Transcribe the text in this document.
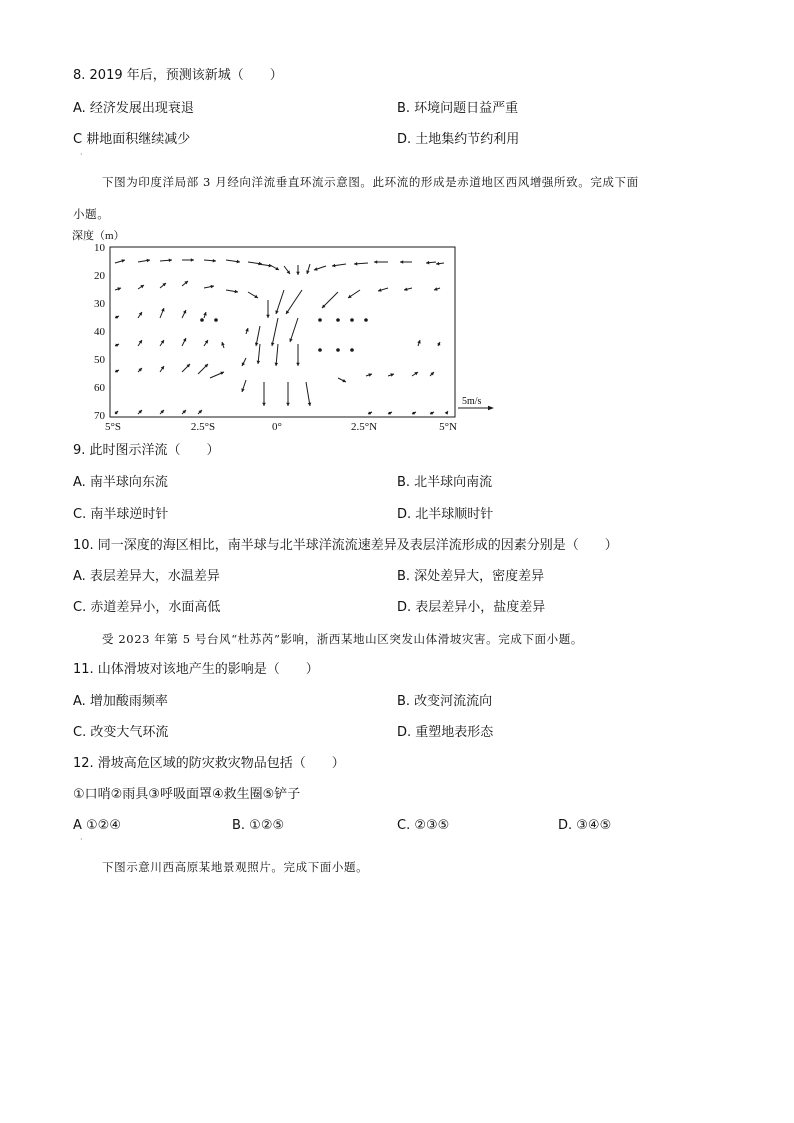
8. 2019 年后，预测该新城（　　）
A. 经济发展出现衰退	B. 环境问题日益严重
C 耕地面积继续减少	D. 土地集约节约利用
·
下图为印度洋局部 3 月经向洋流垂直环流示意图。此环流的形成是赤道地区西风增强所致。完成下面
小题。
深度（m）
10
20
30
40
50
60
70
5°S	2.5°S	0°	2.5°N	5°N
5m/s
9. 此时图示洋流（　　）
A. 南半球向东流	B. 北半球向南流
C. 南半球逆时针	D. 北半球顺时针
10. 同一深度的海区相比，南半球与北半球洋流流速差异及表层洋流形成的因素分别是（　　）
A. 表层差异大，水温差异	B. 深处差异大，密度差异
C. 赤道差异小，水面高低	D. 表层差异小，盐度差异
受 2023 年第 5 号台风“杜苏芮”影响，浙西某地山区突发山体滑坡灾害。完成下面小题。
11. 山体滑坡对该地产生的影响是（　　）
A. 增加酸雨频率	B. 改变河流流向
C. 改变大气环流	D. 重塑地表形态
12. 滑坡高危区域的防灾救灾物品包括（　　）
①口哨②雨具③呼吸面罩④救生圈⑤铲子
A ①②④	B. ①②⑤	C. ②③⑤	D. ③④⑤
·
下图示意川西高原某地景观照片。完成下面小题。
